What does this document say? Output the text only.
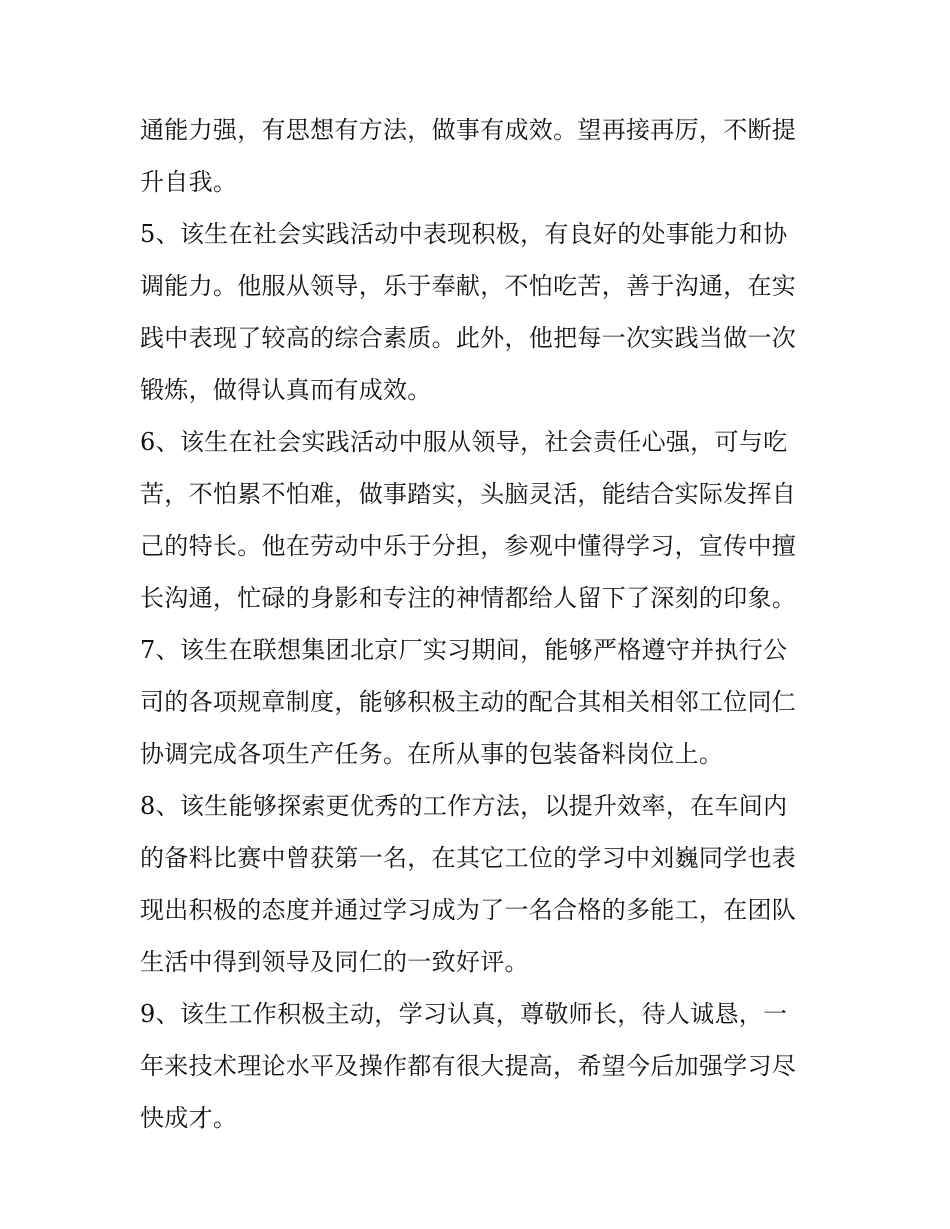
通能力强，有思想有方法，做事有成效。望再接再厉，不断提
升自我。
5、该生在社会实践活动中表现积极，有良好的处事能力和协
调能力。他服从领导，乐于奉献，不怕吃苦，善于沟通，在实
践中表现了较高的综合素质。此外，他把每一次实践当做一次
锻炼，做得认真而有成效。
6、该生在社会实践活动中服从领导，社会责任心强，可与吃
苦，不怕累不怕难，做事踏实，头脑灵活，能结合实际发挥自
己的特长。他在劳动中乐于分担，参观中懂得学习，宣传中擅
长沟通，忙碌的身影和专注的神情都给人留下了深刻的印象。
7、该生在联想集团北京厂实习期间，能够严格遵守并执行公
司的各项规章制度，能够积极主动的配合其相关相邻工位同仁
协调完成各项生产任务。在所从事的包装备料岗位上。
8、该生能够探索更优秀的工作方法，以提升效率，在车间内
的备料比赛中曾获第一名，在其它工位的学习中刘巍同学也表
现出积极的态度并通过学习成为了一名合格的多能工，在团队
生活中得到领导及同仁的一致好评。
9、该生工作积极主动，学习认真，尊敬师长，待人诚恳，一
年来技术理论水平及操作都有很大提高，希望今后加强学习尽
快成才。
